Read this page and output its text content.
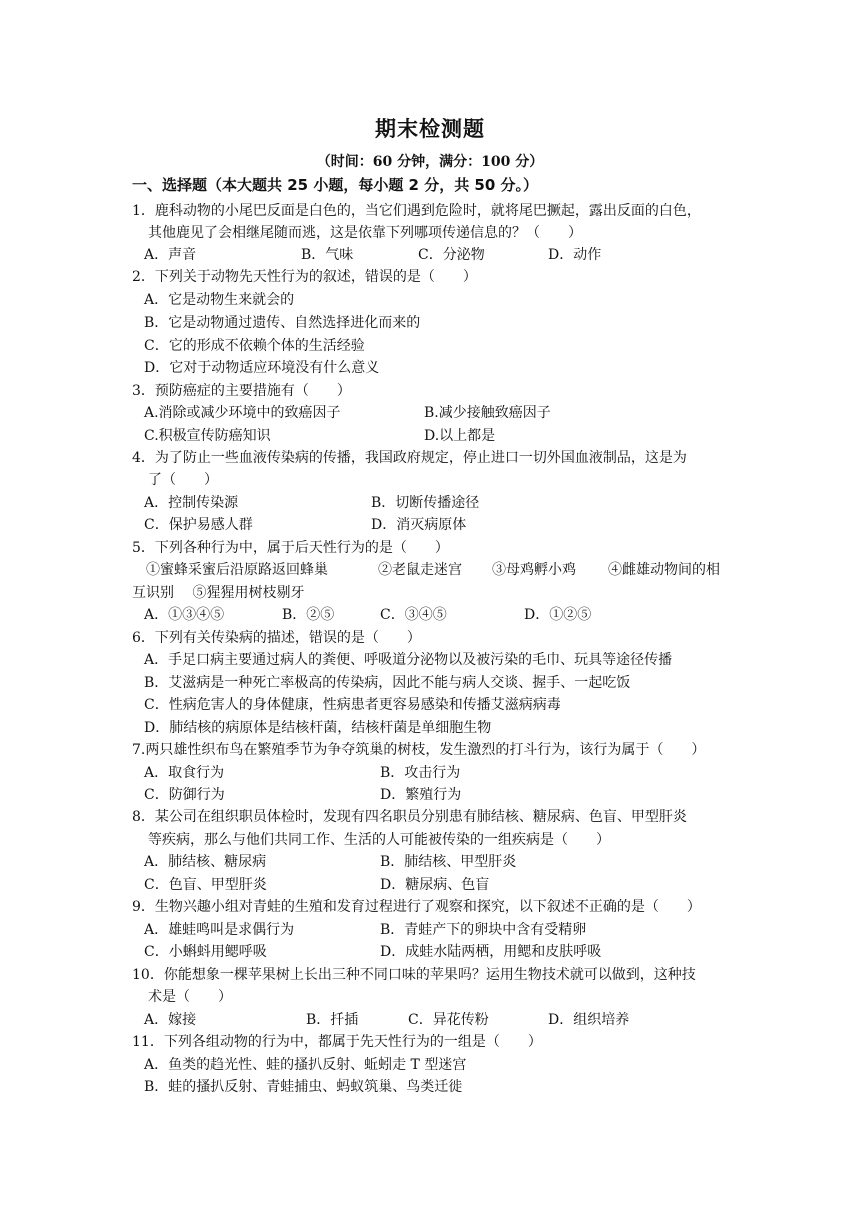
期末检测题
（时间：60 分钟，满分：100 分）
一、选择题（本大题共 25 小题，每小题 2 分，共 50 分。）
1．鹿科动物的小尾巴反面是白色的，当它们遇到危险时，就将尾巴撅起，露出反面的白色，
其他鹿见了会相继尾随而逃，这是依靠下列哪项传递信息的？（　　）
A．声音	B．气味	C．分泌物	D．动作
2．下列关于动物先天性行为的叙述，错误的是（　　）
A．它是动物生来就会的
B．它是动物通过遗传、自然选择进化而来的
C．它的形成不依赖个体的生活经验
D．它对于动物适应环境没有什么意义
3．预防癌症的主要措施有（　　）
A.消除或减少环境中的致癌因子	B.减少接触致癌因子
C.积极宣传防癌知识	D.以上都是
4．为了防止一些血液传染病的传播，我国政府规定，停止进口一切外国血液制品，这是为
了（　　）
A．控制传染源	B．切断传播途径
C．保护易感人群	D．消灭病原体
5．下列各种行为中，属于后天性行为的是（　　）
①蜜蜂采蜜后沿原路返回蜂巢	②老鼠走迷宫 ③母鸡孵小鸡 ④雌雄动物间的相
互识别　 ⑤猩猩用树枝剔牙
A．①③④⑤	B．②⑤	C．③④⑤	D．①②⑤
6．下列有关传染病的描述，错误的是（　　）
A．手足口病主要通过病人的粪便、呼吸道分泌物以及被污染的毛巾、玩具等途径传播
B．艾滋病是一种死亡率极高的传染病，因此不能与病人交谈、握手、一起吃饭
C．性病危害人的身体健康，性病患者更容易感染和传播艾滋病病毒
D．肺结核的病原体是结核杆菌，结核杆菌是单细胞生物
7.两只雄性织布鸟在繁殖季节为争夺筑巢的树枝，发生激烈的打斗行为，该行为属于（　　）
A．取食行为	B．攻击行为
C．防御行为	D．繁殖行为
8．某公司在组织职员体检时，发现有四名职员分别患有肺结核、糖尿病、色盲、甲型肝炎
等疾病，那么与他们共同工作、生活的人可能被传染的一组疾病是（　　）
A．肺结核、糖尿病	B．肺结核、甲型肝炎
C．色盲、甲型肝炎	D．糖尿病、色盲
9．生物兴趣小组对青蛙的生殖和发育过程进行了观察和探究，以下叙述不正确的是（　　）
A．雄蛙鸣叫是求偶行为	B．青蛙产下的卵块中含有受精卵
C．小蝌蚪用鳃呼吸	D．成蛙水陆两栖，用鳃和皮肤呼吸
10．你能想象一棵苹果树上长出三种不同口味的苹果吗？运用生物技术就可以做到，这种技
术是（　　）
A．嫁接	B．扦插	C．异花传粉	D．组织培养
11．下列各组动物的行为中，都属于先天性行为的一组是（　　）
A．鱼类的趋光性、蛙的搔扒反射、蚯蚓走 T 型迷宫
B．蛙的搔扒反射、青蛙捕虫、蚂蚁筑巢、鸟类迁徙
